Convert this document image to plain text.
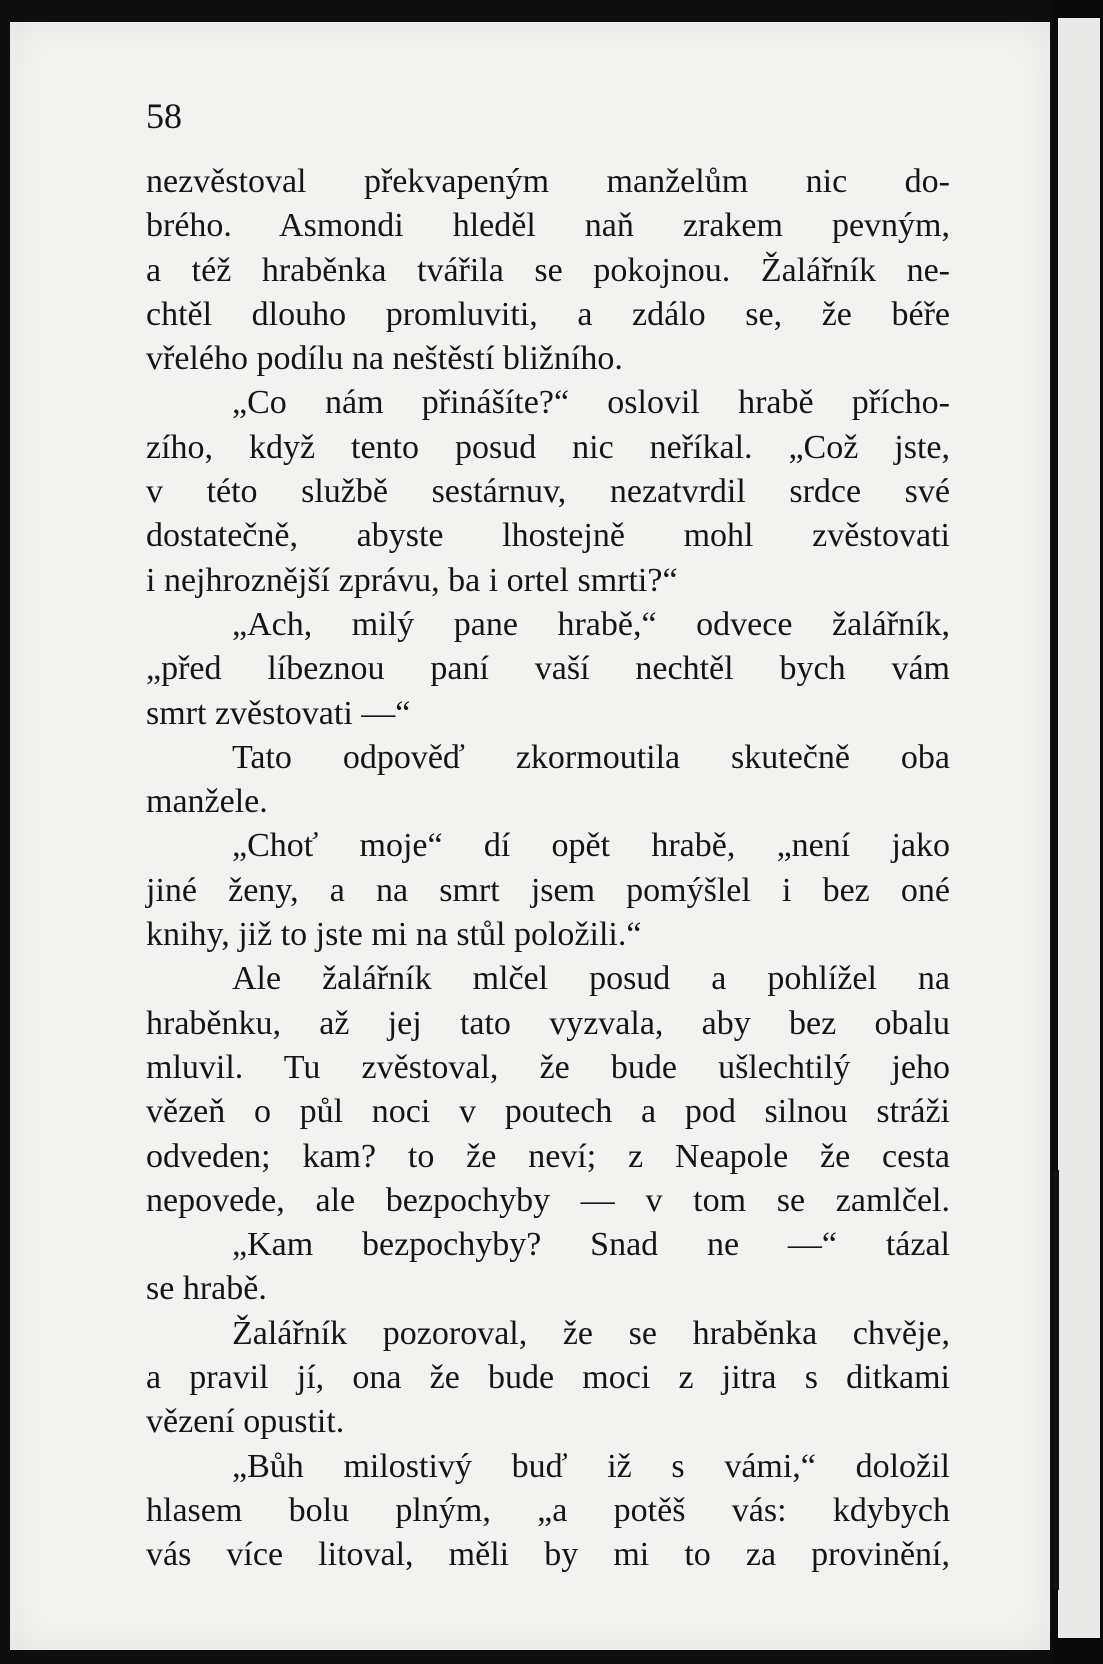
58
nezvěstoval překvapeným manželům nic do-
brého. Asmondi hleděl naň zrakem pevným,
a též hraběnka tvářila se pokojnou. Žalářník ne-
chtěl dlouho promluviti, a zdálo se, že béře
vřelého podílu na neštěstí bližního.
„Co nám přinášíte?“ oslovil hrabě přícho-
zího, když tento posud nic neříkal. „Což jste,
v této službě sestárnuv, nezatvrdil srdce své
dostatečně, abyste lhostejně mohl zvěstovati
i nejhroznější zprávu, ba i ortel smrti?“
„Ach, milý pane hrabě,“ odvece žalářník,
„před líbeznou paní vaší nechtěl bych vám
smrt zvěstovati —“
Tato odpověď zkormoutila skutečně oba
manžele.
„Choť moje“ dí opět hrabě, „není jako
jiné ženy, a na smrt jsem pomýšlel i bez oné
knihy, již to jste mi na stůl položili.“
Ale žalářník mlčel posud a pohlížel na
hraběnku, až jej tato vyzvala, aby bez obalu
mluvil. Tu zvěstoval, že bude ušlechtilý jeho
vězeň o půl noci v poutech a pod silnou stráži
odveden; kam? to že neví; z Neapole že cesta
nepovede, ale bezpochyby — v tom se zamlčel.
„Kam bezpochyby? Snad ne —“ tázal
se hrabě.
Žalářník pozoroval, že se hraběnka chvěje,
a pravil jí, ona že bude moci z jitra s ditkami
vězení opustit.
„Bůh milostivý buď iž s vámi,“ doložil
hlasem bolu plným, „a potěš vás: kdybych
vás více litoval, měli by mi to za provinění,
